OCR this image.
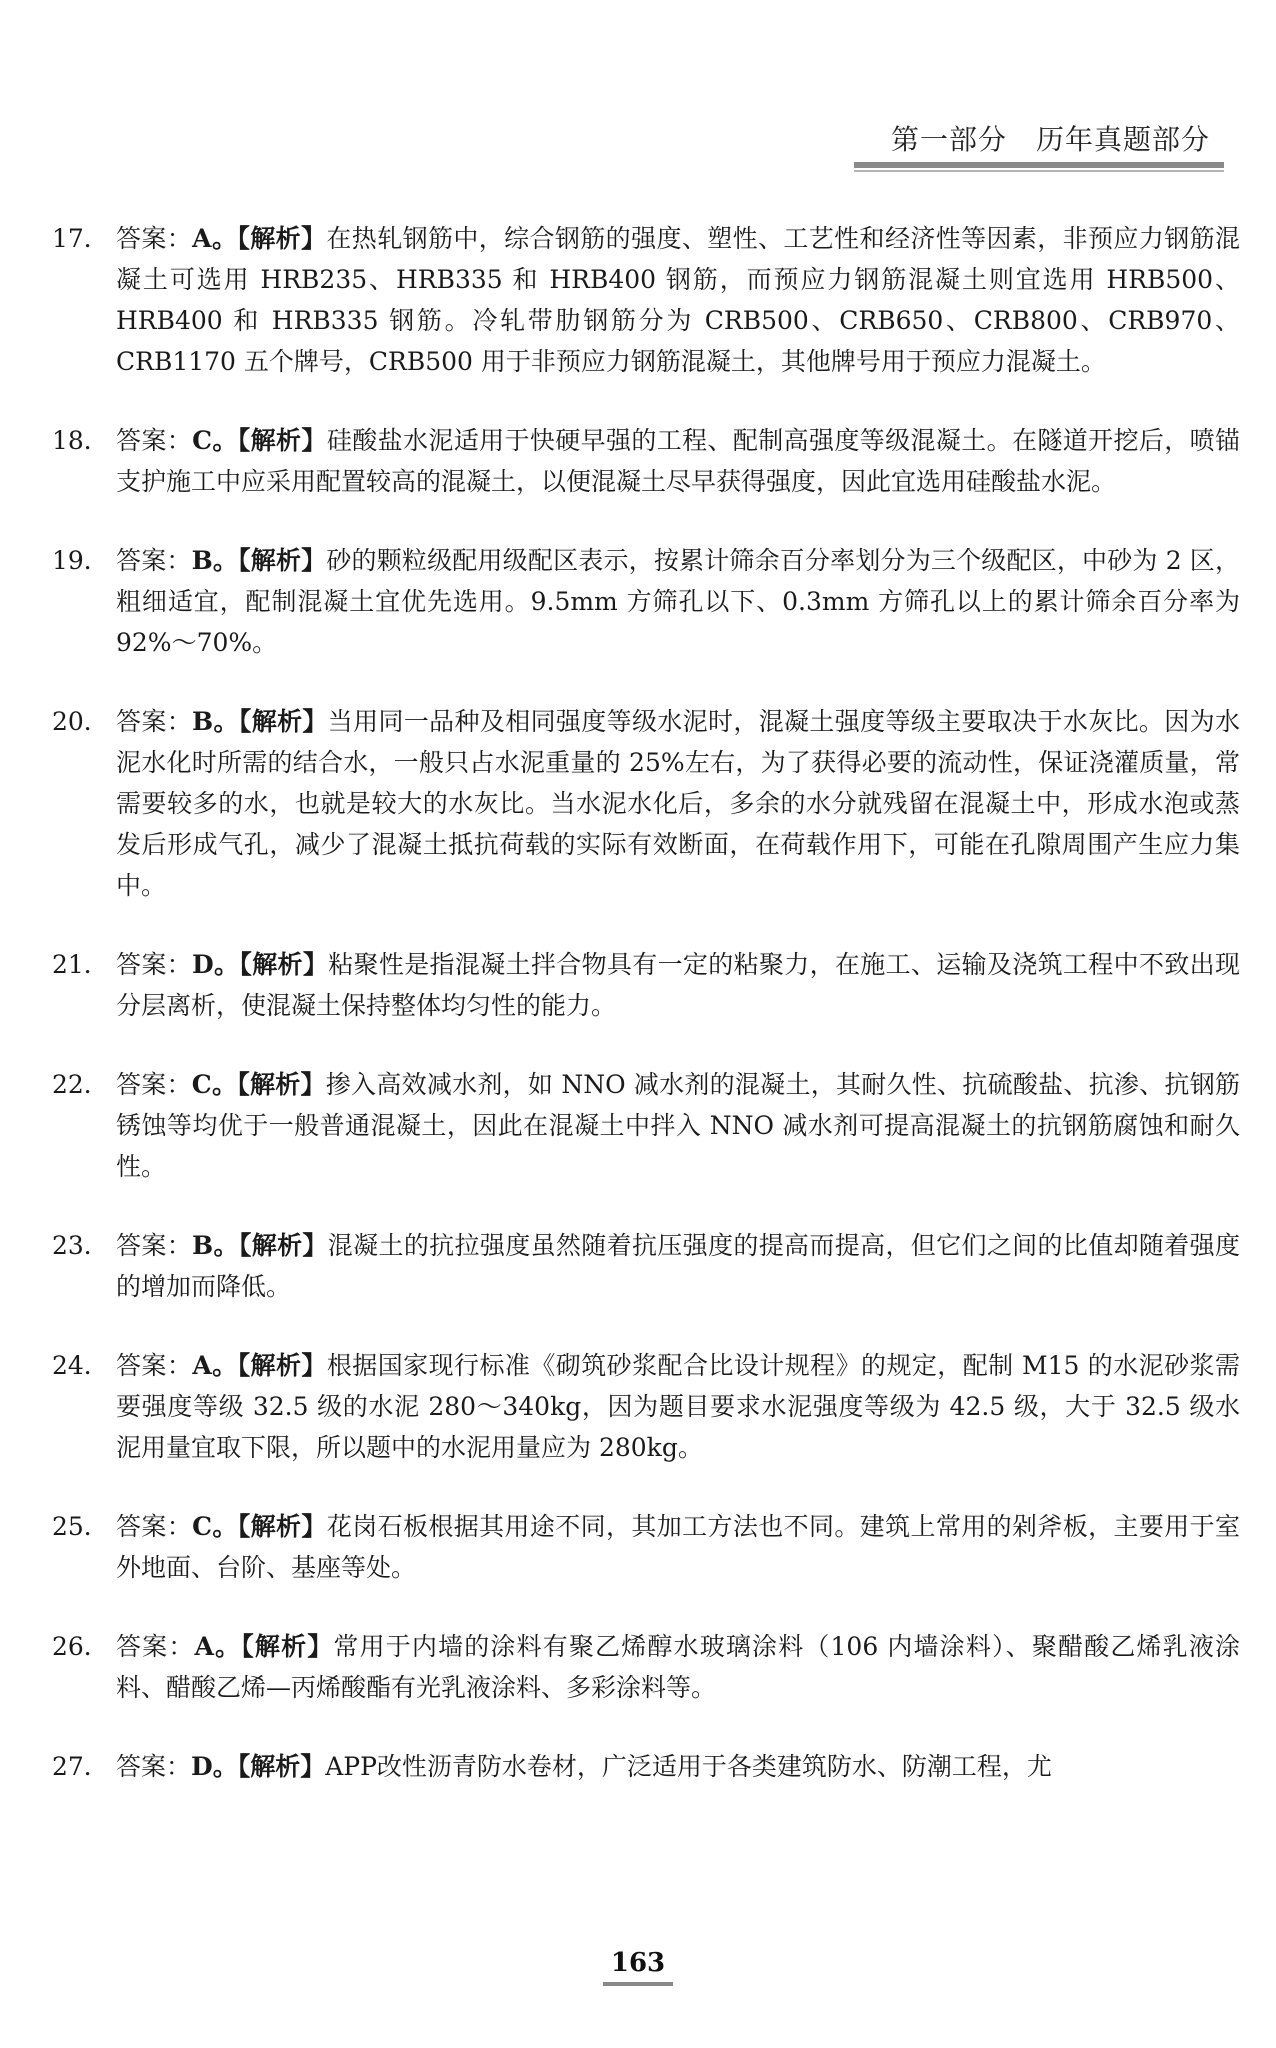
第一部分　历年真题部分
17． 答案：A。【解析】在热轧钢筋中，综合钢筋的强度、塑性、工艺性和经济性等因素，非预应力钢筋混凝土可选用 HRB235、HRB335 和 HRB400 钢筋，而预应力钢筋混凝土则宜选用 HRB500、HRB400 和 HRB335 钢筋。冷轧带肋钢筋分为 CRB500、CRB650、CRB800、CRB970、CRB1170 五个牌号，CRB500 用于非预应力钢筋混凝土，其他牌号用于预应力混凝土。
18． 答案：C。【解析】硅酸盐水泥适用于快硬早强的工程、配制高强度等级混凝土。在隧道开挖后，喷锚支护施工中应采用配置较高的混凝土，以便混凝土尽早获得强度，因此宜选用硅酸盐水泥。
19． 答案：B。【解析】砂的颗粒级配用级配区表示，按累计筛余百分率划分为三个级配区，中砂为 2 区，粗细适宜，配制混凝土宜优先选用。9.5mm 方筛孔以下、0.3mm 方筛孔以上的累计筛余百分率为 92%～70%。
20． 答案：B。【解析】当用同一品种及相同强度等级水泥时，混凝土强度等级主要取决于水灰比。因为水泥水化时所需的结合水，一般只占水泥重量的 25%左右，为了获得必要的流动性，保证浇灌质量，常需要较多的水，也就是较大的水灰比。当水泥水化后，多余的水分就残留在混凝土中，形成水泡或蒸发后形成气孔，减少了混凝土抵抗荷载的实际有效断面，在荷载作用下，可能在孔隙周围产生应力集中。
21． 答案：D。【解析】粘聚性是指混凝土拌合物具有一定的粘聚力，在施工、运输及浇筑工程中不致出现分层离析，使混凝土保持整体均匀性的能力。
22． 答案：C。【解析】掺入高效减水剂，如 NNO 减水剂的混凝土，其耐久性、抗硫酸盐、抗渗、抗钢筋锈蚀等均优于一般普通混凝土，因此在混凝土中拌入 NNO 减水剂可提高混凝土的抗钢筋腐蚀和耐久性。
23． 答案：B。【解析】混凝土的抗拉强度虽然随着抗压强度的提高而提高，但它们之间的比值却随着强度的增加而降低。
24． 答案：A。【解析】根据国家现行标准《砌筑砂浆配合比设计规程》的规定，配制 M15 的水泥砂浆需要强度等级 32.5 级的水泥 280～340kg，因为题目要求水泥强度等级为 42.5 级，大于 32.5 级水泥用量宜取下限，所以题中的水泥用量应为 280kg。
25． 答案：C。【解析】花岗石板根据其用途不同，其加工方法也不同。建筑上常用的剁斧板，主要用于室外地面、台阶、基座等处。
26． 答案：A。【解析】常用于内墙的涂料有聚乙烯醇水玻璃涂料（106 内墙涂料）、聚醋酸乙烯乳液涂料、醋酸乙烯—丙烯酸酯有光乳液涂料、多彩涂料等。
27． 答案：D。【解析】APP改性沥青防水卷材，广泛适用于各类建筑防水、防潮工程，尤
163
